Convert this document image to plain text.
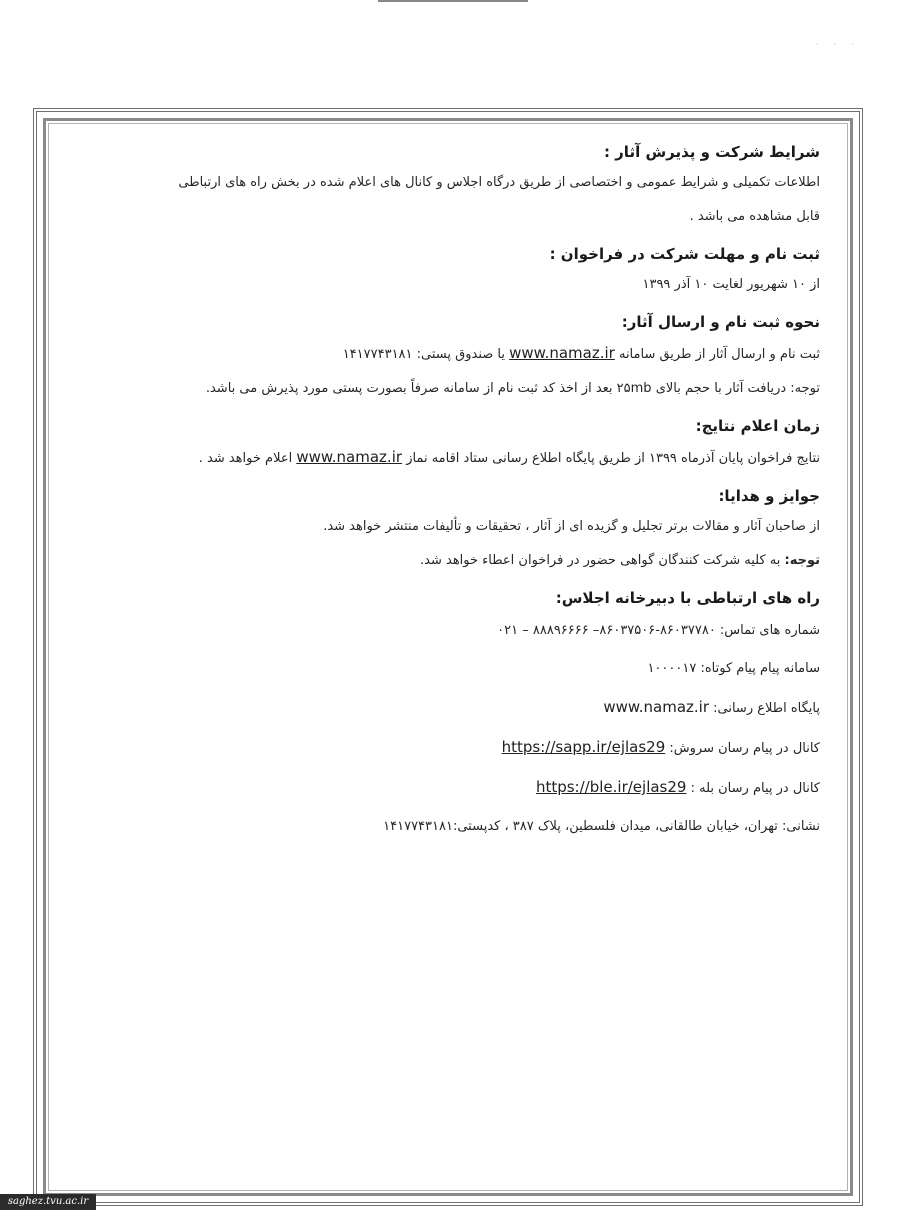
· · ·

شرایط شرکت و پذیرش آثار :

اطلاعات تکمیلی و شرایط عمومی و اختصاصی از طریق درگاه اجلاس و کانال های اعلام شده در بخش راه های ارتباطی

قابل مشاهده می باشد .

ثبت نام و مهلت شرکت در فراخوان :

از ۱۰ شهریور لغایت ۱۰ آذر ۱۳۹۹

نحوه ثبت نام و ارسال آثار:

ثبت نام و ارسال آثار از طریق سامانه www.namaz.ir یا صندوق پستی: ۱۴۱۷۷۴۳۱۸۱

توجه: دریافت آثار با حجم بالای ۲۵mb بعد از اخذ کد ثبت نام از سامانه صرفاً بصورت پستی مورد پذیرش می باشد.

زمان اعلام نتایج:

نتایج فراخوان پایان آذرماه ۱۳۹۹ از طریق پایگاه اطلاع رسانی ستاد اقامه نماز www.namaz.ir اعلام خواهد شد .

جوایز و هدایا:

از صاحبان آثار و مقالات برتر تجلیل و گزیده ای از آثار ، تحقیقات و تألیفات منتشر خواهد شد.

توجه: به کلیه شرکت کنندگان گواهی حضور در فراخوان اعطاء خواهد شد.

راه های ارتباطی با دبیرخانه اجلاس:

شماره های تماس: ۸۶۰۳۷۷۸۰-۸۶۰۳۷۵۰۶– ۸۸۸۹۶۶۶۶ – ۰۲۱

سامانه پیام پیام کوتاه: ۱۰۰۰۰۱۷

پایگاه اطلاع رسانی: www.namaz.ir

کانال در پیام رسان سروش: https://sapp.ir/ejlas29

کانال در پیام رسان بله : https://ble.ir/ejlas29

نشانی: تهران، خیابان طالقانی، میدان فلسطین، پلاک ۳۸۷ ، کدپستی:۱۴۱۷۷۴۳۱۸۱

saghez.tvu.ac.ir
